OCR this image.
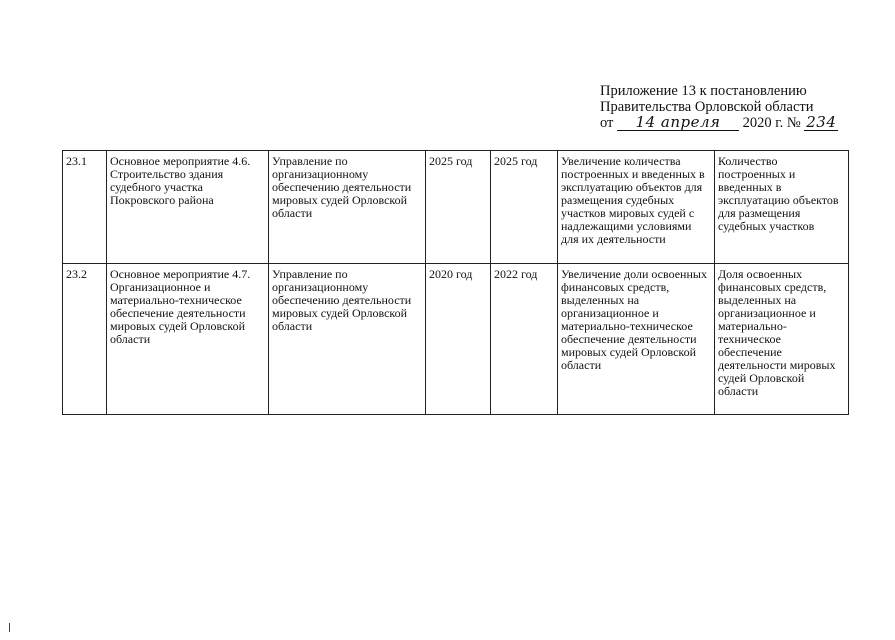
Приложение 13 к постановлению
Правительства Орловской области
от 14 апреля 2020 г. № 234
23.1	Основное мероприятие 4.6. Строительство здания судебного участка Покровского района	Управление по организационному обеспечению деятельности мировых судей Орловской области	2025 год	2025 год	Увеличение количества построенных и введенных в эксплуатацию объектов для размещения судебных участков мировых судей с надлежащими условиями для их деятельности	Количество построенных и введенных в эксплуатацию объектов для размещения судебных участков
23.2	Основное мероприятие 4.7. Организационное и материально-техническое обеспечение деятельности мировых судей Орловской области	Управление по организационному обеспечению деятельности мировых судей Орловской области	2020 год	2022 год	Увеличение доли освоенных финансовых средств, выделенных на организационное и материально-техническое обеспечение деятельности мировых судей Орловской области	Доля освоенных финансовых средств, выделенных на организационное и материально-техническое обеспечение деятельности мировых судей Орловской области
